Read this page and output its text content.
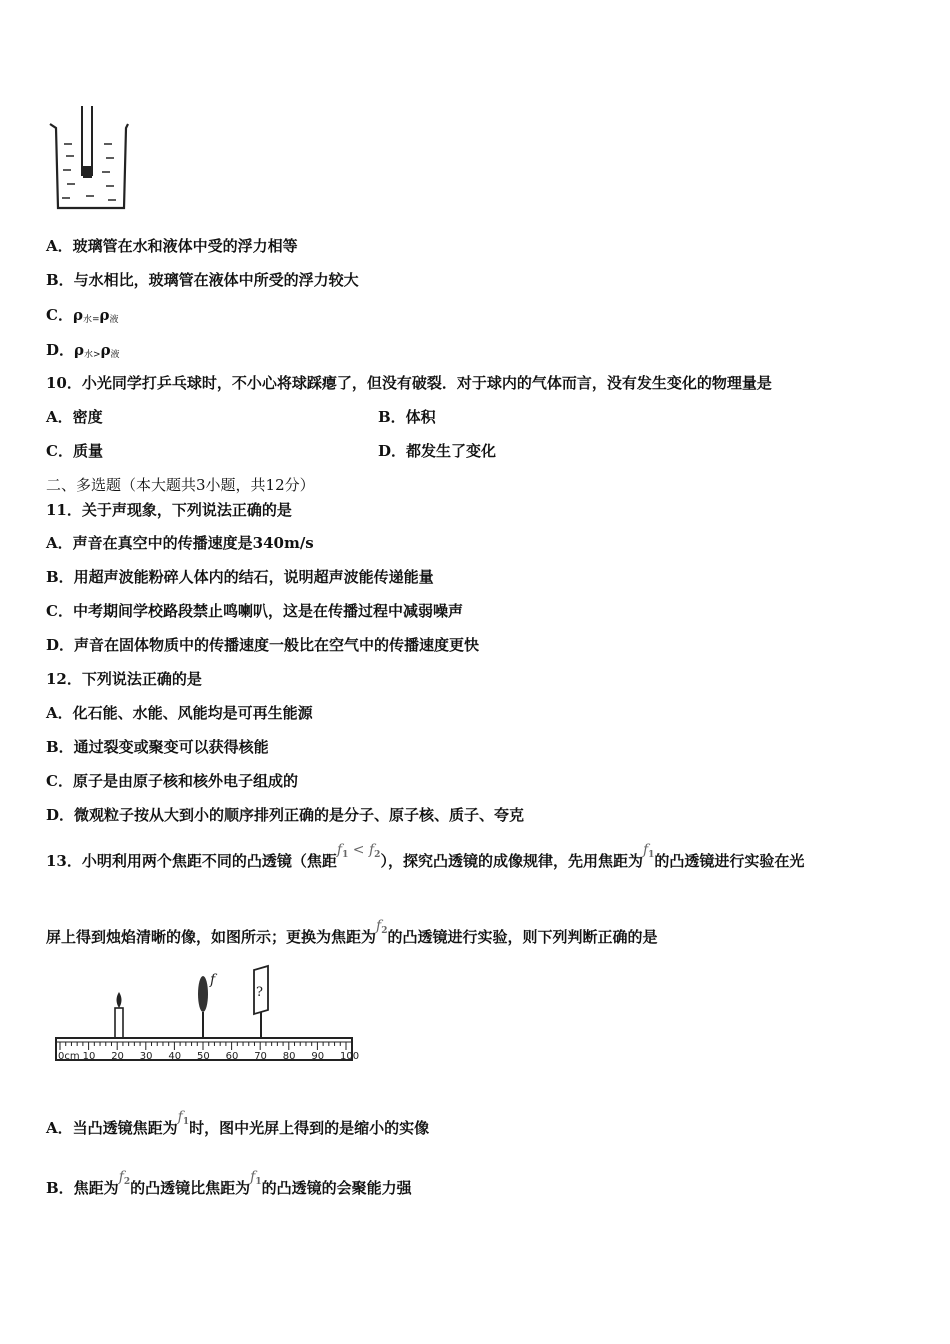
A．玻璃管在水和液体中受的浮力相等
B．与水相比，玻璃管在液体中所受的浮力较大
C．$\rho_{水=}\rho_液$
D．$\rho_{水>}\rho_液$
10．小光同学打乒乓球时，不小心将球踩瘪了，但没有破裂．对于球内的气体而言，没有发生变化的物理量是
A．密度	B．体积
C．质量	D．都发生了变化
二、多选题（本大题共3小题，共12分）
11．关于声现象，下列说法正确的是
A．声音在真空中的传播速度是340m/s
B．用超声波能粉碎人体内的结石，说明超声波能传递能量
C．中考期间学校路段禁止鸣喇叭，这是在传播过程中减弱噪声
D．声音在固体物质中的传播速度一般比在空气中的传播速度更快
12．下列说法正确的是
A．化石能、水能、风能均是可再生能源
B．通过裂变或聚变可以获得核能
C．原子是由原子核和核外电子组成的
D．微观粒子按从大到小的顺序排列正确的是分子、原子核、质子、夸克
13．小明利用两个焦距不同的凸透镜（焦距$f_1 < f_2$），探究凸透镜的成像规律，先用焦距为$f_1$的凸透镜进行实验在光
屏上得到烛焰清晰的像，如图所示；更换为焦距为$f_2$的凸透镜进行实验，则下列判断正确的是
f
?
0cm 10 20 30 40 50 60 70 80 90 100
A．当凸透镜焦距为$f_1$时，图中光屏上得到的是缩小的实像
B．焦距为$f_2$的凸透镜比焦距为$f_1$的凸透镜的会聚能力强
